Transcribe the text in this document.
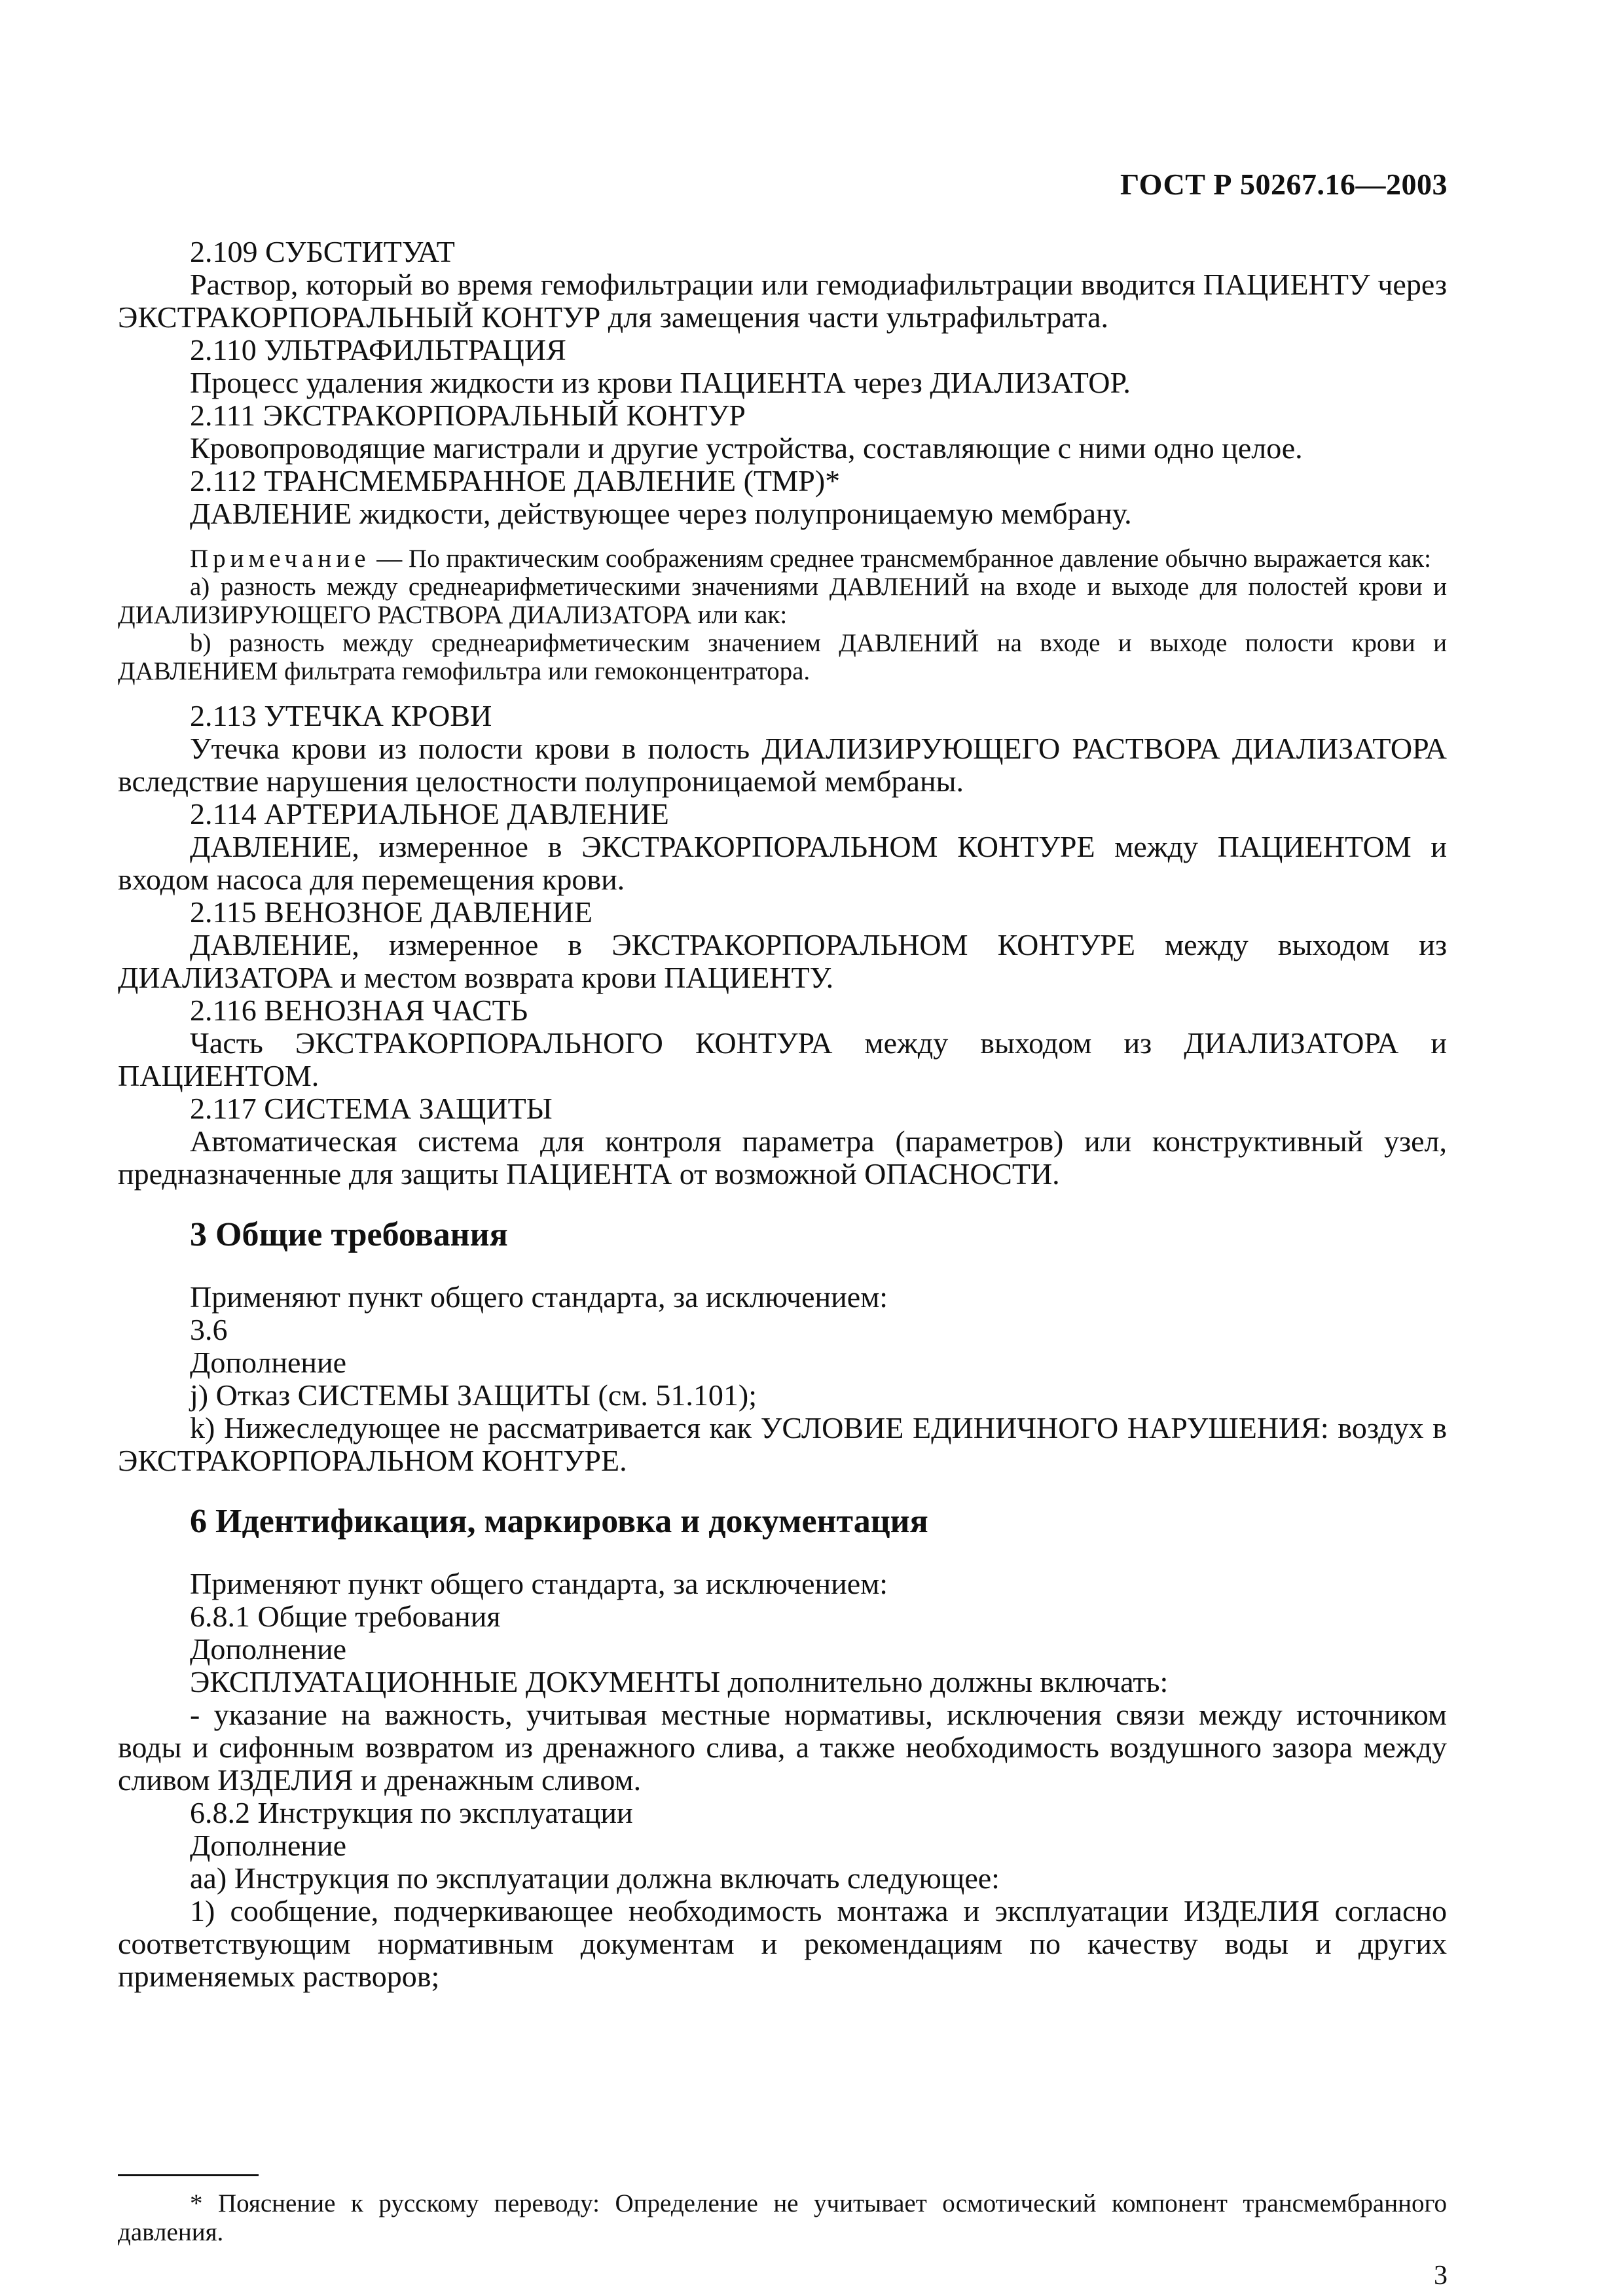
ГОСТ Р 50267.16—2003

2.109 СУБСТИТУАТ

Раствор, который во время гемофильтрации или гемодиафильтрации вводится ПАЦИЕНТУ через ЭКСТРАКОРПОРАЛЬНЫЙ КОНТУР для замещения части ультрафильтрата.

2.110 УЛЬТРАФИЛЬТРАЦИЯ

Процесс удаления жидкости из крови ПАЦИЕНТА через ДИАЛИЗАТОР.

2.111 ЭКСТРАКОРПОРАЛЬНЫЙ КОНТУР

Кровопроводящие магистрали и другие устройства, составляющие с ними одно целое.

2.112 ТРАНСМЕМБРАННОЕ ДАВЛЕНИЕ (ТМР)*

ДАВЛЕНИЕ жидкости, действующее через полупроницаемую мембрану.

Примечание — По практическим соображениям среднее трансмембранное давление обычно выражается как:

a) разность между среднеарифметическими значениями ДАВЛЕНИЙ на входе и выходе для полостей крови и ДИАЛИЗИРУЮЩЕГО РАСТВОРА ДИАЛИЗАТОРА или как:

b) разность между среднеарифметическим значением ДАВЛЕНИЙ на входе и выходе полости крови и ДАВЛЕНИЕМ фильтрата гемофильтра или гемоконцентратора.

2.113 УТЕЧКА КРОВИ

Утечка крови из полости крови в полость ДИАЛИЗИРУЮЩЕГО РАСТВОРА ДИАЛИЗАТОРА вследствие нарушения целостности полупроницаемой мембраны.

2.114 АРТЕРИАЛЬНОЕ ДАВЛЕНИЕ

ДАВЛЕНИЕ, измеренное в ЭКСТРАКОРПОРАЛЬНОМ КОНТУРЕ между ПАЦИЕНТОМ и входом насоса для перемещения крови.

2.115 ВЕНОЗНОЕ ДАВЛЕНИЕ

ДАВЛЕНИЕ, измеренное в ЭКСТРАКОРПОРАЛЬНОМ КОНТУРЕ между выходом из ДИАЛИЗАТОРА и местом возврата крови ПАЦИЕНТУ.

2.116 ВЕНОЗНАЯ ЧАСТЬ

Часть ЭКСТРАКОРПОРАЛЬНОГО КОНТУРА между выходом из ДИАЛИЗАТОРА и ПАЦИЕНТОМ.

2.117 СИСТЕМА ЗАЩИТЫ

Автоматическая система для контроля параметра (параметров) или конструктивный узел, предназначенные для защиты ПАЦИЕНТА от возможной ОПАСНОСТИ.

3 Общие требования

Применяют пункт общего стандарта, за исключением:

3.6

Дополнение

j) Отказ СИСТЕМЫ ЗАЩИТЫ (см. 51.101);

k) Нижеследующее не рассматривается как УСЛОВИЕ ЕДИНИЧНОГО НАРУШЕНИЯ: воздух в ЭКСТРАКОРПОРАЛЬНОМ КОНТУРЕ.

6 Идентификация, маркировка и документация

Применяют пункт общего стандарта, за исключением:

6.8.1 Общие требования

Дополнение

ЭКСПЛУАТАЦИОННЫЕ ДОКУМЕНТЫ дополнительно должны включать:

- указание на важность, учитывая местные нормативы, исключения связи между источником воды и сифонным возвратом из дренажного слива, а также необходимость воздушного зазора между сливом ИЗДЕЛИЯ и дренажным сливом.

6.8.2 Инструкция по эксплуатации

Дополнение

аа) Инструкция по эксплуатации должна включать следующее:

1) сообщение, подчеркивающее необходимость монтажа и эксплуатации ИЗДЕЛИЯ согласно соответствующим нормативным документам и рекомендациям по качеству воды и других применяемых растворов;

* Пояснение к русскому переводу: Определение не учитывает осмотический компонент трансмембранного давления.
3
